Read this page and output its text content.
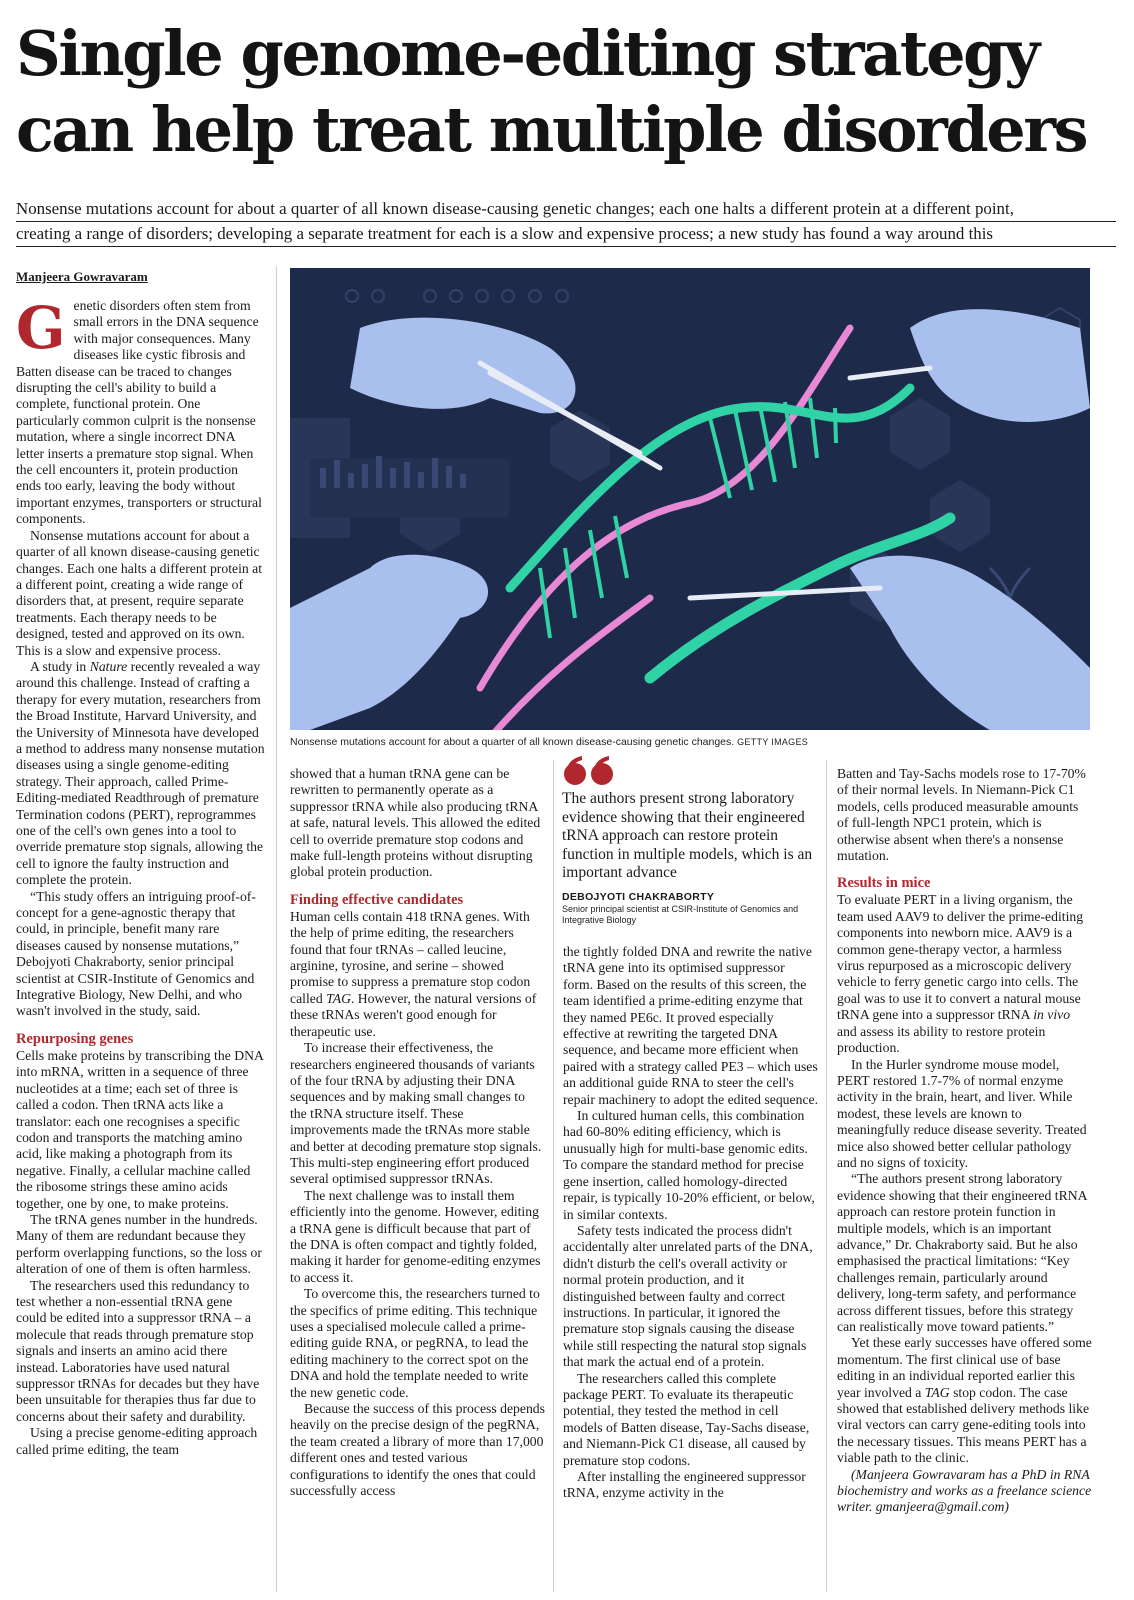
Single genome-editing strategy
can help treat multiple disorders
Nonsense mutations account for about a quarter of all known disease-causing genetic changes; each one halts a different protein at a different point,
creating a range of disorders; developing a separate treatment for each is a slow and expensive process; a new study has found a way around this
Manjeera Gowravaram

Genetic disorders often stem from small errors in the DNA sequence with major consequences. Many diseases like cystic fibrosis and Batten disease can be traced to changes disrupting the cell's ability to build a complete, functional protein. One particularly common culprit is the nonsense mutation, where a single incorrect DNA letter inserts a premature stop signal. When the cell encounters it, protein production ends too early, leaving the body without important enzymes, transporters or structural components.

Nonsense mutations account for about a quarter of all known disease-causing genetic changes. Each one halts a different protein at a different point, creating a wide range of disorders that, at present, require separate treatments. Each therapy needs to be designed, tested and approved on its own. This is a slow and expensive process.

A study in Nature recently revealed a way around this challenge. Instead of crafting a therapy for every mutation, researchers from the Broad Institute, Harvard University, and the University of Minnesota have developed a method to address many nonsense mutation diseases using a single genome-editing strategy. Their approach, called Prime-Editing-mediated Readthrough of premature Termination codons (PERT), reprogrammes one of the cell's own genes into a tool to override premature stop signals, allowing the cell to ignore the faulty instruction and complete the protein.

“This study offers an intriguing proof-of-concept for a gene-agnostic therapy that could, in principle, benefit many rare diseases caused by nonsense mutations,” Debojyoti Chakraborty, senior principal scientist at CSIR-Institute of Genomics and Integrative Biology, New Delhi, and who wasn't involved in the study, said.

Repurposing genes

Cells make proteins by transcribing the DNA into mRNA, written in a sequence of three nucleotides at a time; each set of three is called a codon. Then tRNA acts like a translator: each one recognises a specific codon and transports the matching amino acid, like making a photograph from its negative. Finally, a cellular machine called the ribosome strings these amino acids together, one by one, to make proteins.

The tRNA genes number in the hundreds. Many of them are redundant because they perform overlapping functions, so the loss or alteration of one of them is often harmless.

The researchers used this redundancy to test whether a non-essential tRNA gene could be edited into a suppressor tRNA – a molecule that reads through premature stop signals and inserts an amino acid there instead. Laboratories have used natural suppressor tRNAs for decades but they have been unsuitable for therapies thus far due to concerns about their safety and durability.

Using a precise genome-editing approach called prime editing, the team

Nonsense mutations account for about a quarter of all known disease-causing genetic changes. GETTY IMAGES

showed that a human tRNA gene can be rewritten to permanently operate as a suppressor tRNA while also producing tRNA at safe, natural levels. This allowed the edited cell to override premature stop codons and make full-length proteins without disrupting global protein production.

Finding effective candidates

Human cells contain 418 tRNA genes. With the help of prime editing, the researchers found that four tRNAs – called leucine, arginine, tyrosine, and serine – showed promise to suppress a premature stop codon called TAG. However, the natural versions of these tRNAs weren't good enough for therapeutic use.

To increase their effectiveness, the researchers engineered thousands of variants of the four tRNA by adjusting their DNA sequences and by making small changes to the tRNA structure itself. These improvements made the tRNAs more stable and better at decoding premature stop signals. This multi-step engineering effort produced several optimised suppressor tRNAs.

The next challenge was to install them efficiently into the genome. However, editing a tRNA gene is difficult because that part of the DNA is often compact and tightly folded, making it harder for genome-editing enzymes to access it.

To overcome this, the researchers turned to the specifics of prime editing. This technique uses a specialised molecule called a prime-editing guide RNA, or pegRNA, to lead the editing machinery to the correct spot on the DNA and hold the template needed to write the new genetic code.

Because the success of this process depends heavily on the precise design of the pegRNA, the team created a library of more than 17,000 different ones and tested various configurations to identify the ones that could successfully access

The authors present strong laboratory evidence showing that their engineered tRNA approach can restore protein function in multiple models, which is an important advance
DEBOJYOTI CHAKRABORTY
Senior principal scientist at CSIR-Institute of Genomics and Integrative Biology

the tightly folded DNA and rewrite the native tRNA gene into its optimised suppressor form. Based on the results of this screen, the team identified a prime-editing enzyme that they named PE6c. It proved especially effective at rewriting the targeted DNA sequence, and became more efficient when paired with a strategy called PE3 – which uses an additional guide RNA to steer the cell's repair machinery to adopt the edited sequence.

In cultured human cells, this combination had 60-80% editing efficiency, which is unusually high for multi-base genomic edits. To compare the standard method for precise gene insertion, called homology-directed repair, is typically 10-20% efficient, or below, in similar contexts.

Safety tests indicated the process didn't accidentally alter unrelated parts of the DNA, didn't disturb the cell's overall activity or normal protein production, and it distinguished between faulty and correct instructions. In particular, it ignored the premature stop signals causing the disease while still respecting the natural stop signals that mark the actual end of a protein.

The researchers called this complete package PERT. To evaluate its therapeutic potential, they tested the method in cell models of Batten disease, Tay-Sachs disease, and Niemann-Pick C1 disease, all caused by premature stop codons.

After installing the engineered suppressor tRNA, enzyme activity in the

Batten and Tay-Sachs models rose to 17-70% of their normal levels. In Niemann-Pick C1 models, cells produced measurable amounts of full-length NPC1 protein, which is otherwise absent when there's a nonsense mutation.

Results in mice

To evaluate PERT in a living organism, the team used AAV9 to deliver the prime-editing components into newborn mice. AAV9 is a common gene-therapy vector, a harmless virus repurposed as a microscopic delivery vehicle to ferry genetic cargo into cells. The goal was to use it to convert a natural mouse tRNA gene into a suppressor tRNA in vivo and assess its ability to restore protein production.

In the Hurler syndrome mouse model, PERT restored 1.7-7% of normal enzyme activity in the brain, heart, and liver. While modest, these levels are known to meaningfully reduce disease severity. Treated mice also showed better cellular pathology and no signs of toxicity.

“The authors present strong laboratory evidence showing that their engineered tRNA approach can restore protein function in multiple models, which is an important advance,” Dr. Chakraborty said. But he also emphasised the practical limitations: “Key challenges remain, particularly around delivery, long-term safety, and performance across different tissues, before this strategy can realistically move toward patients.”

Yet these early successes have offered some momentum. The first clinical use of base editing in an individual reported earlier this year involved a TAG stop codon. The case showed that established delivery methods like viral vectors can carry gene-editing tools into the necessary tissues. This means PERT has a viable path to the clinic.

(Manjeera Gowravaram has a PhD in RNA biochemistry and works as a freelance science writer. gmanjeera@gmail.com)
